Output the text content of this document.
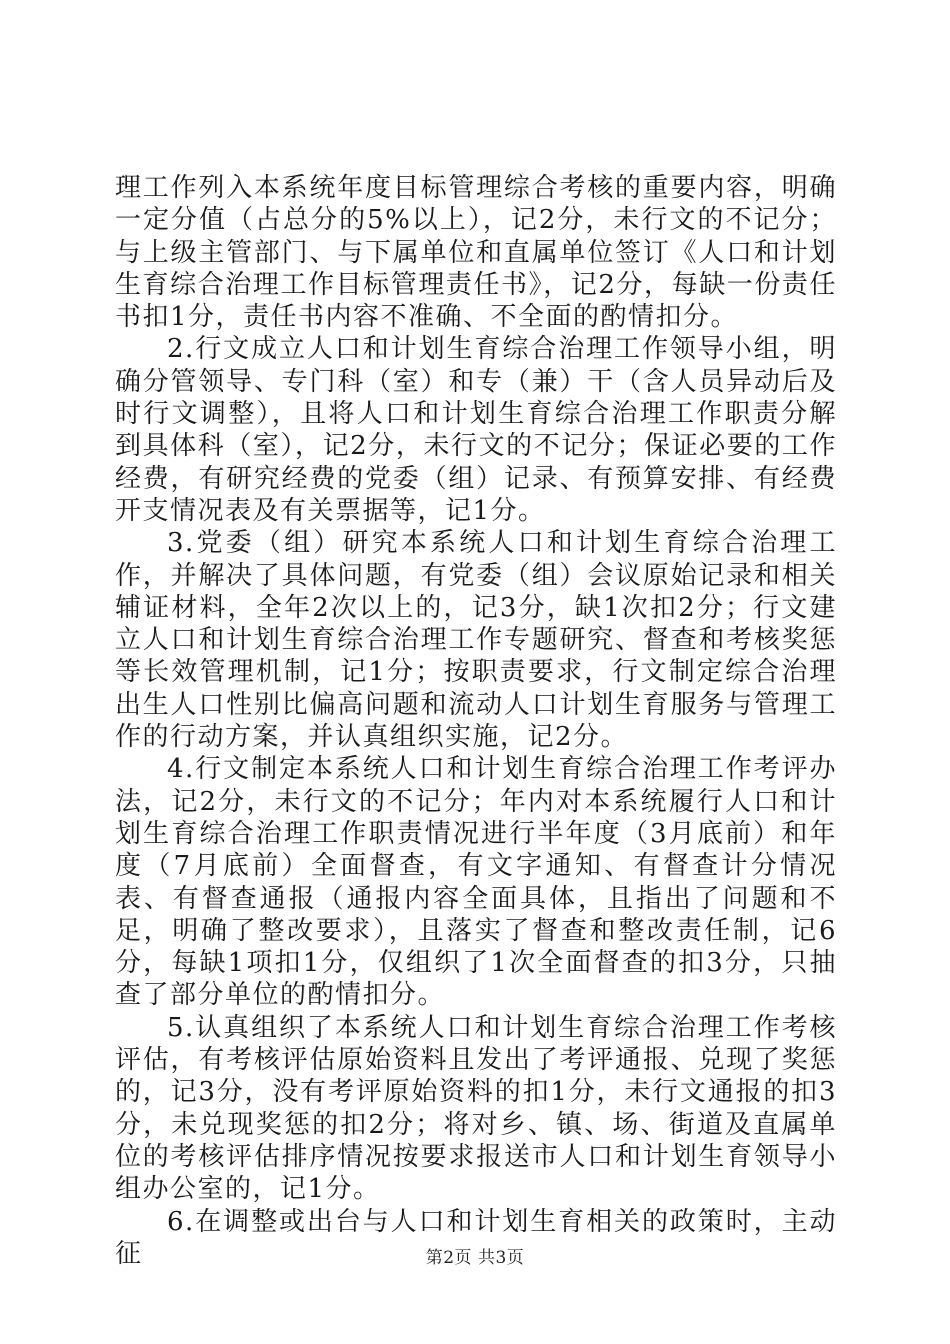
理工作列入本系统年度目标管理综合考核的重要内容，明确一定分值（占总分的5%以上），记2分，未行文的不记分；与上级主管部门、与下属单位和直属单位签订《人口和计划生育综合治理工作目标管理责任书》，记2分，每缺一份责任书扣1分，责任书内容不准确、不全面的酌情扣分。

2.行文成立人口和计划生育综合治理工作领导小组，明确分管领导、专门科（室）和专（兼）干（含人员异动后及时行文调整），且将人口和计划生育综合治理工作职责分解到具体科（室），记2分，未行文的不记分；保证必要的工作经费，有研究经费的党委（组）记录、有预算安排、有经费开支情况表及有关票据等，记1分。

3.党委（组）研究本系统人口和计划生育综合治理工作，并解决了具体问题，有党委（组）会议原始记录和相关辅证材料，全年2次以上的，记3分，缺1次扣2分；行文建立人口和计划生育综合治理工作专题研究、督查和考核奖惩等长效管理机制，记1分；按职责要求，行文制定综合治理出生人口性别比偏高问题和流动人口计划生育服务与管理工作的行动方案，并认真组织实施，记2分。

4.行文制定本系统人口和计划生育综合治理工作考评办法，记2分，未行文的不记分；年内对本系统履行人口和计划生育综合治理工作职责情况进行半年度（3月底前）和年度（7月底前）全面督查，有文字通知、有督查计分情况表、有督查通报（通报内容全面具体，且指出了问题和不足，明确了整改要求），且落实了督查和整改责任制，记6分，每缺1项扣1分，仅组织了1次全面督查的扣3分，只抽查了部分单位的酌情扣分。

5.认真组织了本系统人口和计划生育综合治理工作考核评估，有考核评估原始资料且发出了考评通报、兑现了奖惩的，记3分，没有考评原始资料的扣1分，未行文通报的扣3分，未兑现奖惩的扣2分；将对乡、镇、场、街道及直属单位的考核评估排序情况按要求报送市人口和计划生育领导小组办公室的，记1分。

6.在调整或出台与人口和计划生育相关的政策时，主动征	第2页 共3页
